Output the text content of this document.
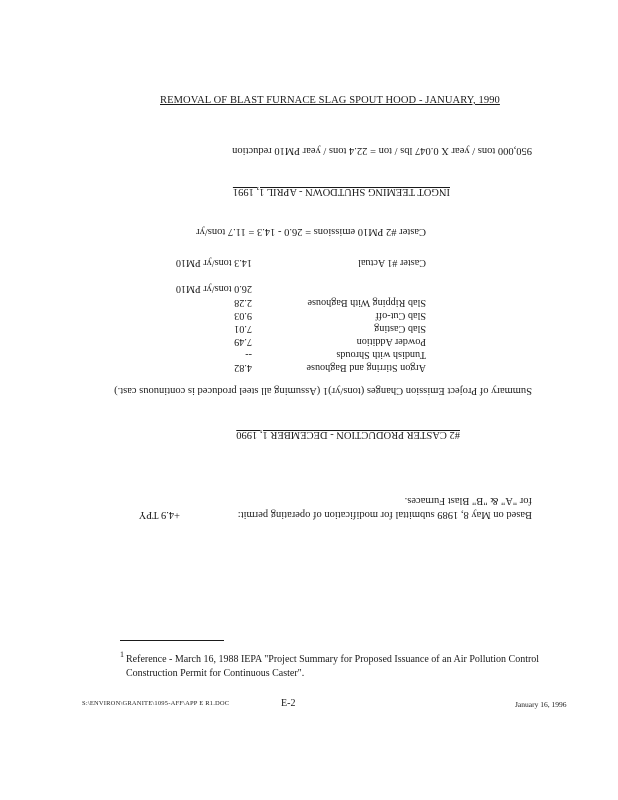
REMOVAL OF BLAST FURNACE SLAG SPOUT HOOD - JANUARY, 1990
Based on May 8, 1989 submittal for modification of operating permit:
+4.9 TPY
for "A" & "B" Blast Furnaces.
#2 CASTER PRODUCTION - DECEMBER 1, 1990
Summary of Project Emission Changes (tons/yr)1 (Assuming all steel produced is continuous cast.)
Argon Stirring and Baghouse
4.82
Tundish with Shrouds
--
Powder Addition
7.49
Slab Casting
7.01
Slab Cut-off
9.03
Slab Ripping With Baghouse
2.28
26.0 tons/yr PM10
Caster #1 Actual
14.3 tons/yr PM10
Caster #2 PM10 emissions = 26.0 - 14.3 = 11.7 tons/yr
INGOT TEEMING SHUTDOWN - APRIL 1, 1991
950,000 tons / year X 0.047 lbs / ton = 22.4 tons / year PM10 reduction
1 Reference - March 16, 1988 IEPA "Project Summary for Proposed Issuance of an Air Pollution Control Construction Permit for Continuous Caster".
S:\ENVIRON\GRANITE\1095-AFF\APP E R1.DOC	E-2	January 16, 1996
